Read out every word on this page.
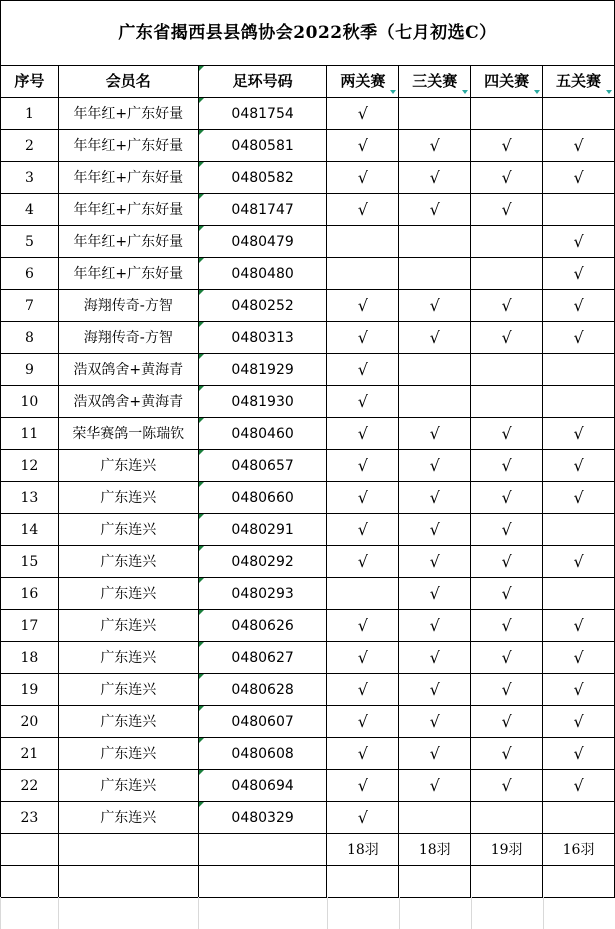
广东省揭西县县鸽协会2022秋季（七月初选C）						
序号	会员名	足环号码	两关赛	三关赛	四关赛	五关赛

1	年年红+广东好量	0481754	√			
2	年年红+广东好量	0480581	√	√	√	√
3	年年红+广东好量	0480582	√	√	√	√
4	年年红+广东好量	0481747	√	√	√	
5	年年红+广东好量	0480479				√
6	年年红+广东好量	0480480				√
7	海翔传奇-方智	0480252	√	√	√	√
8	海翔传奇-方智	0480313	√	√	√	√
9	浩双鸽舍+黄海青	0481929	√			
10	浩双鸽舍+黄海青	0481930	√			
11	荣华赛鸽一陈瑞钦	0480460	√	√	√	√
12	广东连兴	0480657	√	√	√	√
13	广东连兴	0480660	√	√	√	√
14	广东连兴	0480291	√	√	√	
15	广东连兴	0480292	√	√	√	√
16	广东连兴	0480293		√	√	
17	广东连兴	0480626	√	√	√	√
18	广东连兴	0480627	√	√	√	√
19	广东连兴	0480628	√	√	√	√
20	广东连兴	0480607	√	√	√	√
21	广东连兴	0480608	√	√	√	√
22	广东连兴	0480694	√	√	√	√
23	广东连兴	0480329	√			
			18羽	18羽	19羽	16羽
